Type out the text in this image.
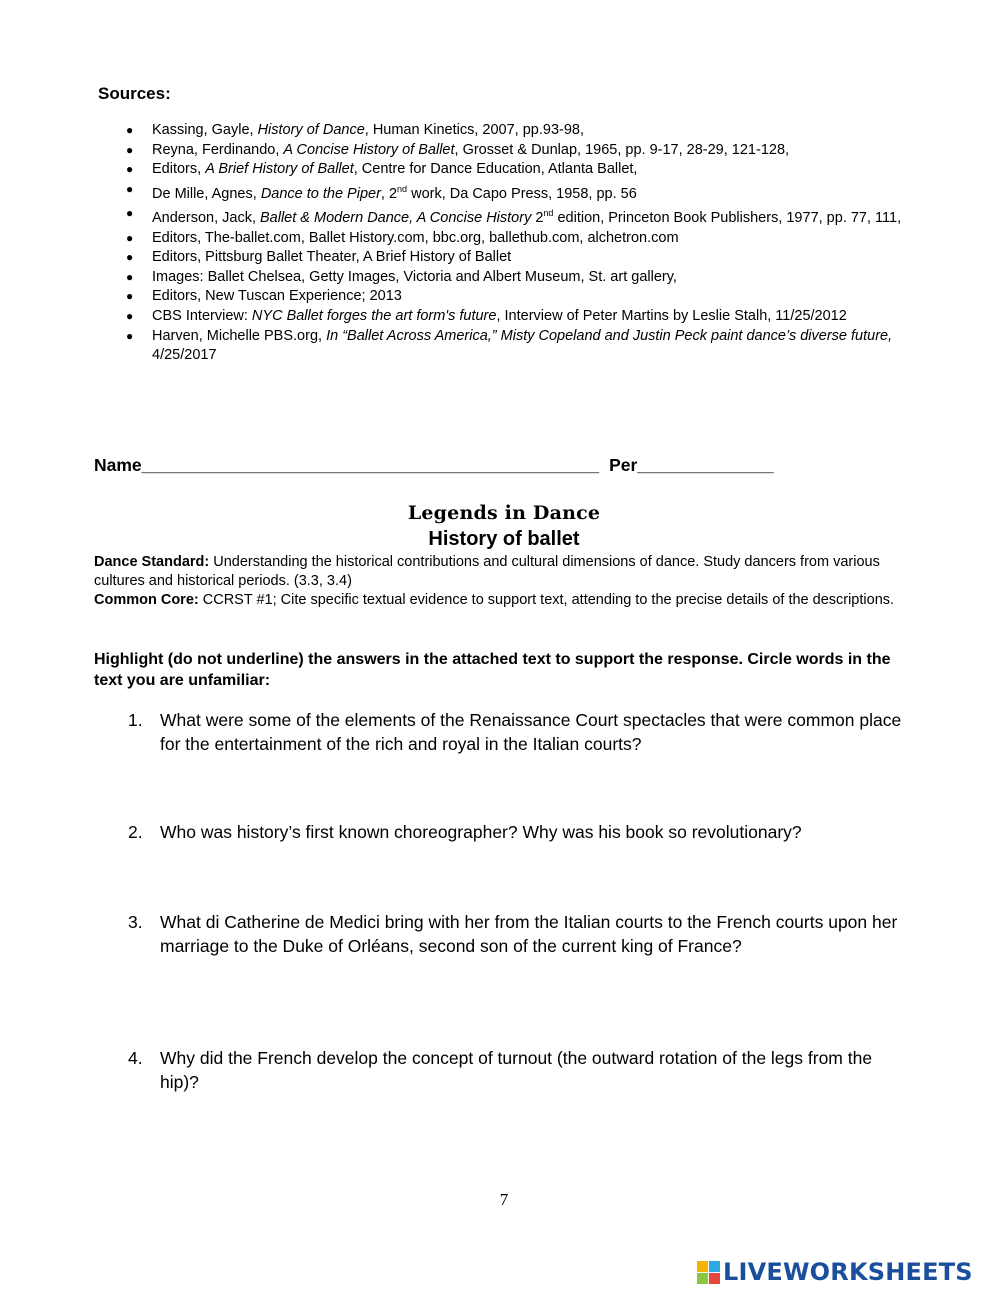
Sources:
● Kassing, Gayle, History of Dance, Human Kinetics, 2007, pp.93-98,
● Reyna, Ferdinando, A Concise History of Ballet, Grosset & Dunlap, 1965, pp. 9-17, 28-29, 121-128,
● Editors, A Brief History of Ballet, Centre for Dance Education, Atlanta Ballet,
● De Mille, Agnes, Dance to the Piper, 2nd work, Da Capo Press, 1958, pp. 56
● Anderson, Jack, Ballet & Modern Dance, A Concise History 2nd edition, Princeton Book Publishers, 1977, pp. 77, 111,
● Editors, The-ballet.com, Ballet History.com, bbc.org, ballethub.com, alchetron.com
● Editors, Pittsburg Ballet Theater, A Brief History of Ballet
● Images: Ballet Chelsea, Getty Images, Victoria and Albert Museum, St. art gallery,
● Editors, New Tuscan Experience; 2013
● CBS Interview: NYC Ballet forges the art form's future, Interview of Peter Martins by Leslie Stalh, 11/25/2012
● Harven, Michelle PBS.org, In “Ballet Across America,” Misty Copeland and Justin Peck paint dance’s diverse future, 4/25/2017
Name_______________________________________________ Per______________
Legends in Dance
History of ballet

Dance Standard: Understanding the historical contributions and cultural dimensions of dance. Study dancers from various cultures and historical periods. (3.3, 3.4)

Common Core: CCRST #1; Cite specific textual evidence to support text, attending to the precise details of the descriptions.

Highlight (do not underline) the answers in the attached text to support the response. Circle words in the text you are unfamiliar:

1. What were some of the elements of the Renaissance Court spectacles that were common place for the entertainment of the rich and royal in the Italian courts?
2. Who was history’s first known choreographer? Why was his book so revolutionary?
3. What di Catherine de Medici bring with her from the Italian courts to the French courts upon her marriage to the Duke of Orléans, second son of the current king of France?
4. Why did the French develop the concept of turnout (the outward rotation of the legs from the hip)?
7
LIVEWORKSHEETS
